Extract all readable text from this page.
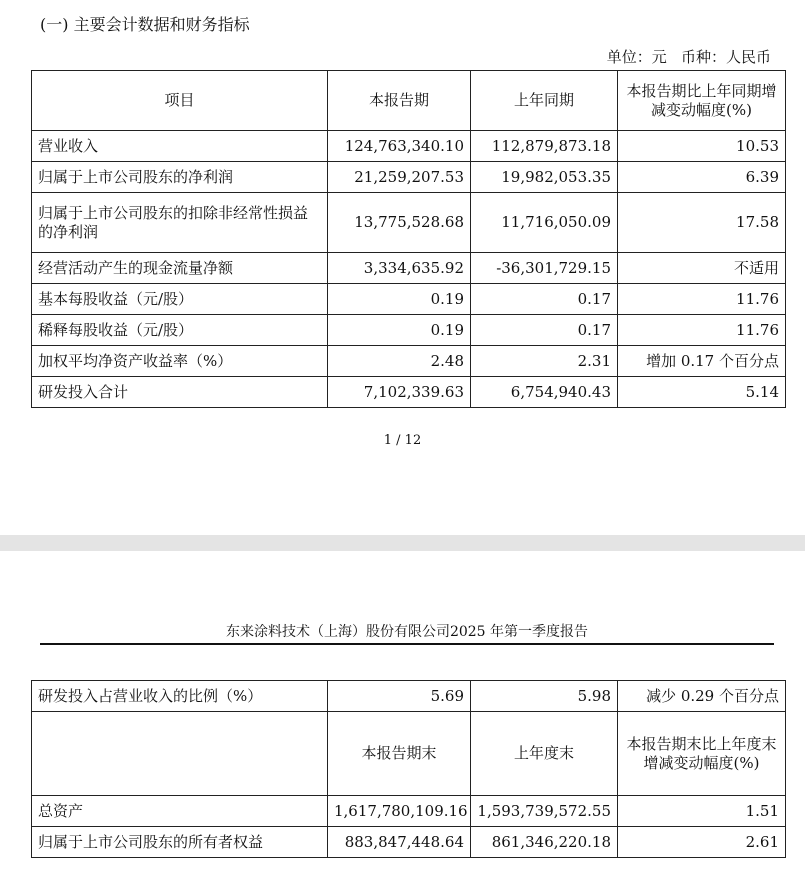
(一) 主要会计数据和财务指标
单位：元   币种：人民币
项目	本报告期	上年同期	本报告期比上年同期增减变动幅度(%)
营业收入	124,763,340.10	112,879,873.18	10.53
归属于上市公司股东的净利润	21,259,207.53	19,982,053.35	6.39
归属于上市公司股东的扣除非经常性损益的净利润	13,775,528.68	11,716,050.09	17.58
经营活动产生的现金流量净额	3,334,635.92	-36,301,729.15	不适用
基本每股收益（元/股）	0.19	0.17	11.76
稀释每股收益（元/股）	0.19	0.17	11.76
加权平均净资产收益率（%）	2.48	2.31	增加 0.17 个百分点
研发投入合计	7,102,339.63	6,754,940.43	5.14
1 / 12
东来涂料技术（上海）股份有限公司2025 年第一季度报告
研发投入占营业收入的比例（%）	5.69	5.98	减少 0.29 个百分点
	本报告期末	上年度末	本报告期末比上年度末增减变动幅度(%)
总资产	1,617,780,109.16	1,593,739,572.55	1.51
归属于上市公司股东的所有者权益	883,847,448.64	861,346,220.18	2.61
